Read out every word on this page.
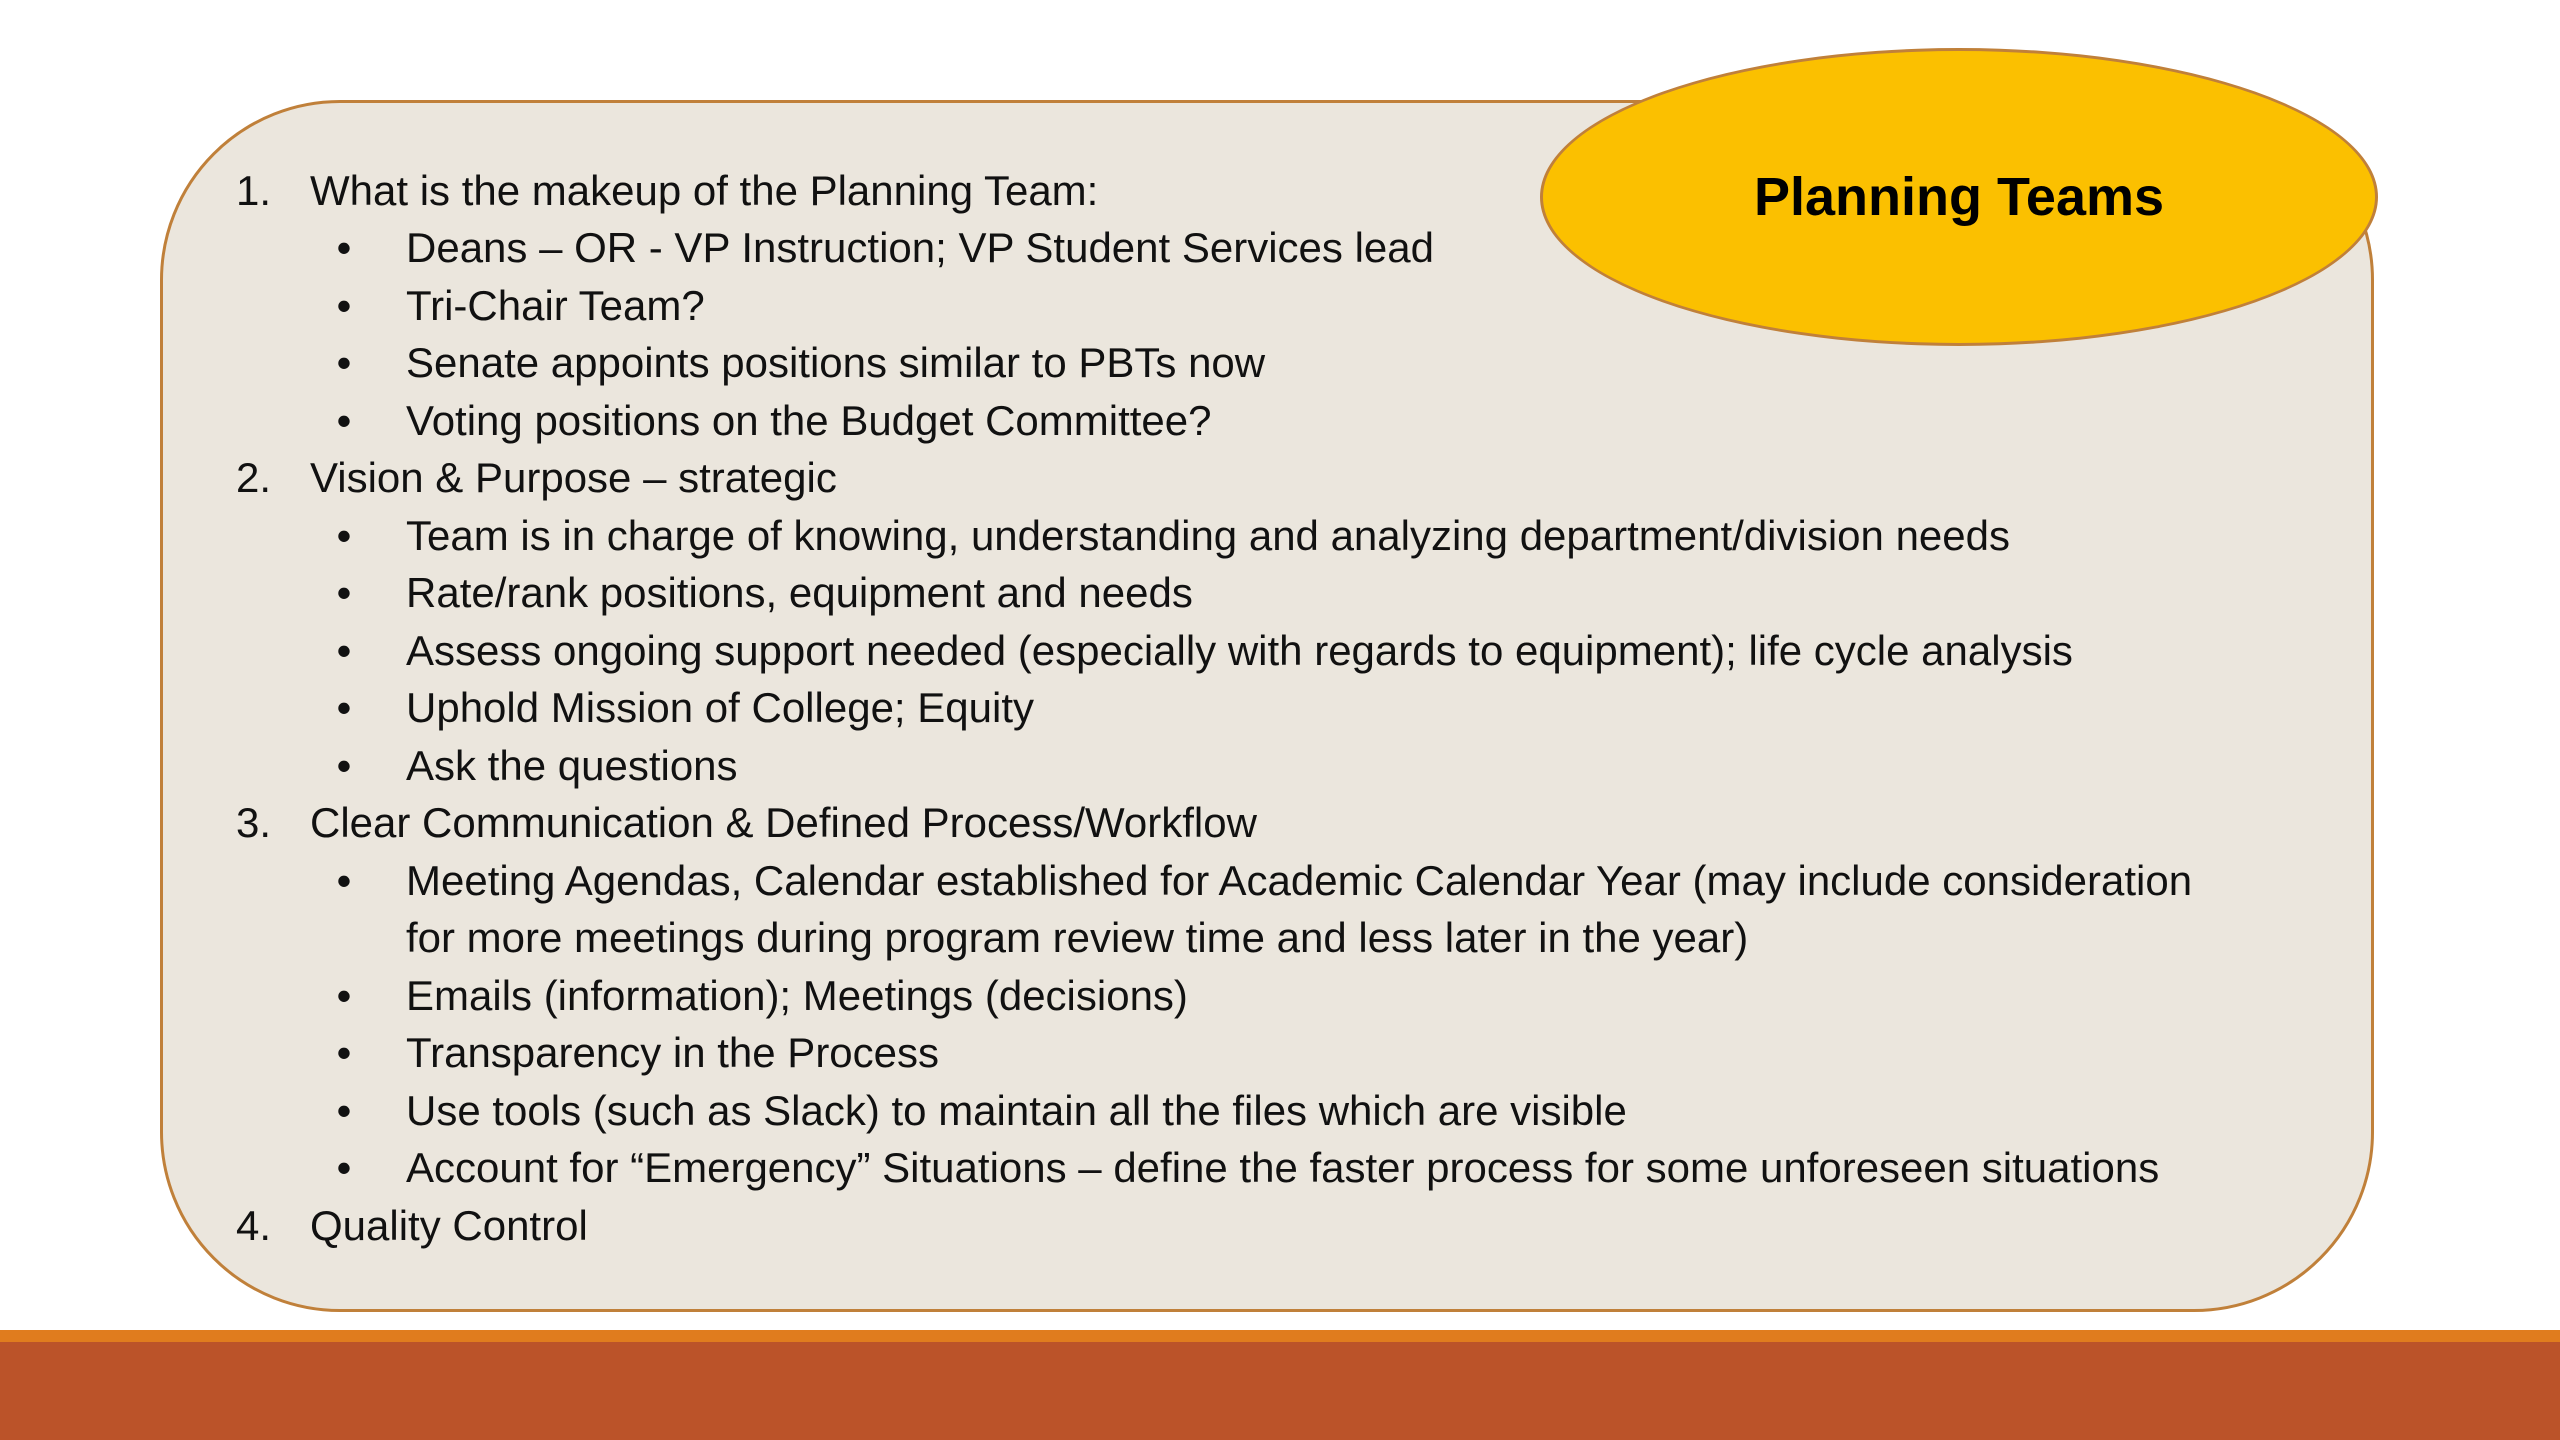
Planning Teams
1. What is the makeup of the Planning Team:
• Deans – OR - VP Instruction; VP Student Services lead
• Tri-Chair Team?
• Senate appoints positions similar to PBTs now
• Voting positions on the Budget Committee?
2. Vision & Purpose – strategic
• Team is in charge of knowing, understanding and analyzing department/division needs
• Rate/rank positions, equipment and needs
• Assess ongoing support needed (especially with regards to equipment); life cycle analysis
• Uphold Mission of College; Equity
• Ask the questions
3. Clear Communication & Defined Process/Workflow
• Meeting Agendas, Calendar established for Academic Calendar Year (may include consideration
for more meetings during program review time and less later in the year)
• Emails (information); Meetings (decisions)
• Transparency in the Process
• Use tools (such as Slack) to maintain all the files which are visible
• Account for “Emergency” Situations – define the faster process for some unforeseen situations
4. Quality Control
